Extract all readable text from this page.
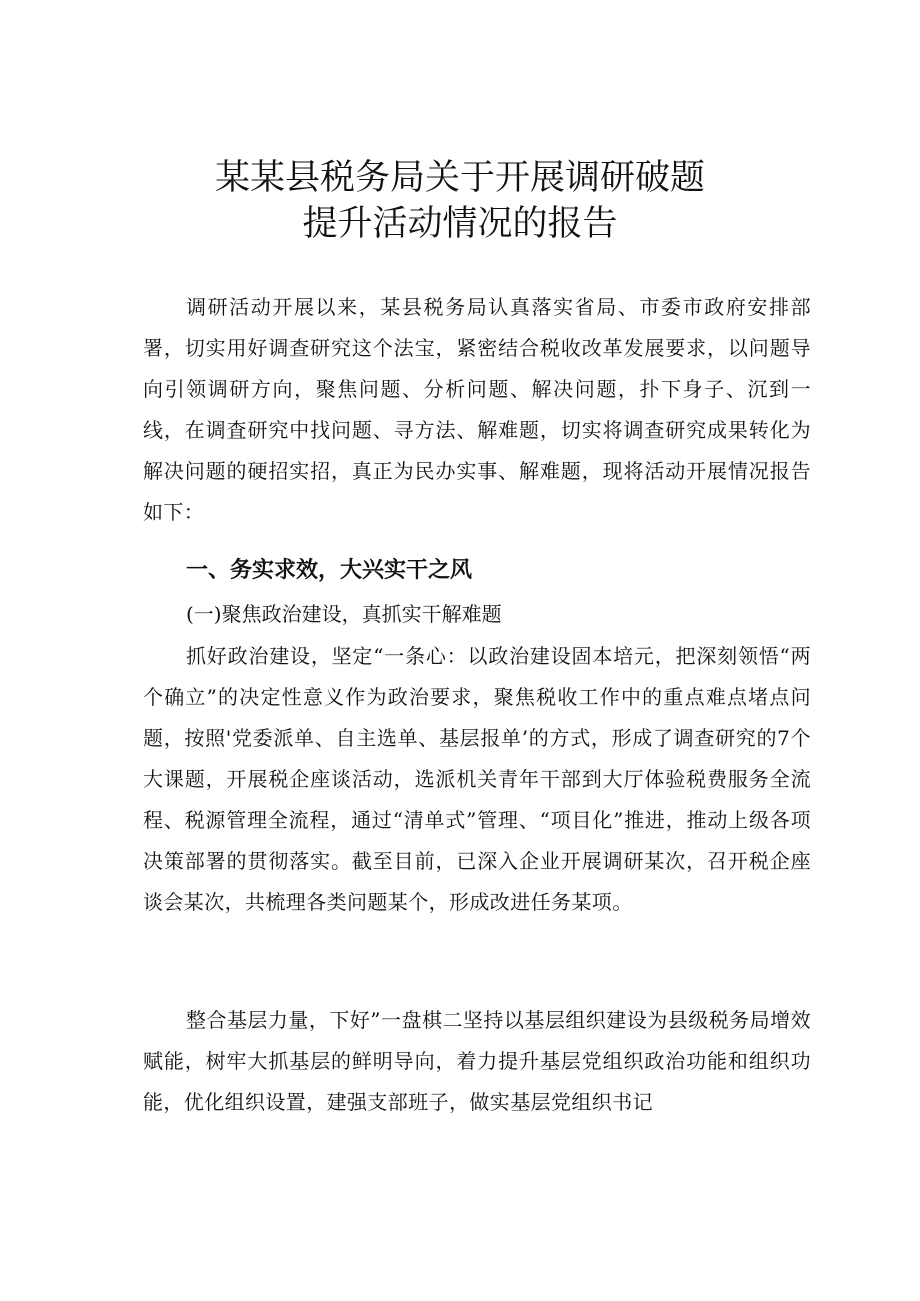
某某县税务局关于开展调研破题
提升活动情况的报告

调研活动开展以来，某县税务局认真落实省局、市委市政府安排部署，切实用好调查研究这个法宝，紧密结合税收改革发展要求，以问题导向引领调研方向，聚焦问题、分析问题、解决问题，扑下身子、沉到一线，在调査研究中找问题、寻方法、解难题，切实将调查研究成果转化为解决问题的硬招实招，真正为民办实事、解难题，现将活动开展情况报告如下：

一、务实求效，大兴实干之风
(一)聚焦政治建设，真抓实干解难题

抓好政治建设，坚定“一条心：以政治建设固本培元，把深刻领悟“两个确立”的决定性意义作为政治要求，聚焦税收工作中的重点难点堵点问题，按照'党委派单、自主选单、基层报单’的方式，形成了调查研究的7个大课题，开展税企座谈活动，选派机关青年干部到大厅体验税费服务全流程、税源管理全流程，通过“清单式”管理、“项目化”推进，推动上级各项决策部署的贯彻落实。截至目前，已深入企业开展调研某次，召开税企座谈会某次，共梳理各类问题某个，形成改进任务某项。

整合基层力量，下好”一盘棋二坚持以基层组织建设为县级税务局增效赋能，树牢大抓基层的鲜明导向，着力提升基层党组织政治功能和组织功能，优化组织设置，建强支部班子，做实基层党组织书记
